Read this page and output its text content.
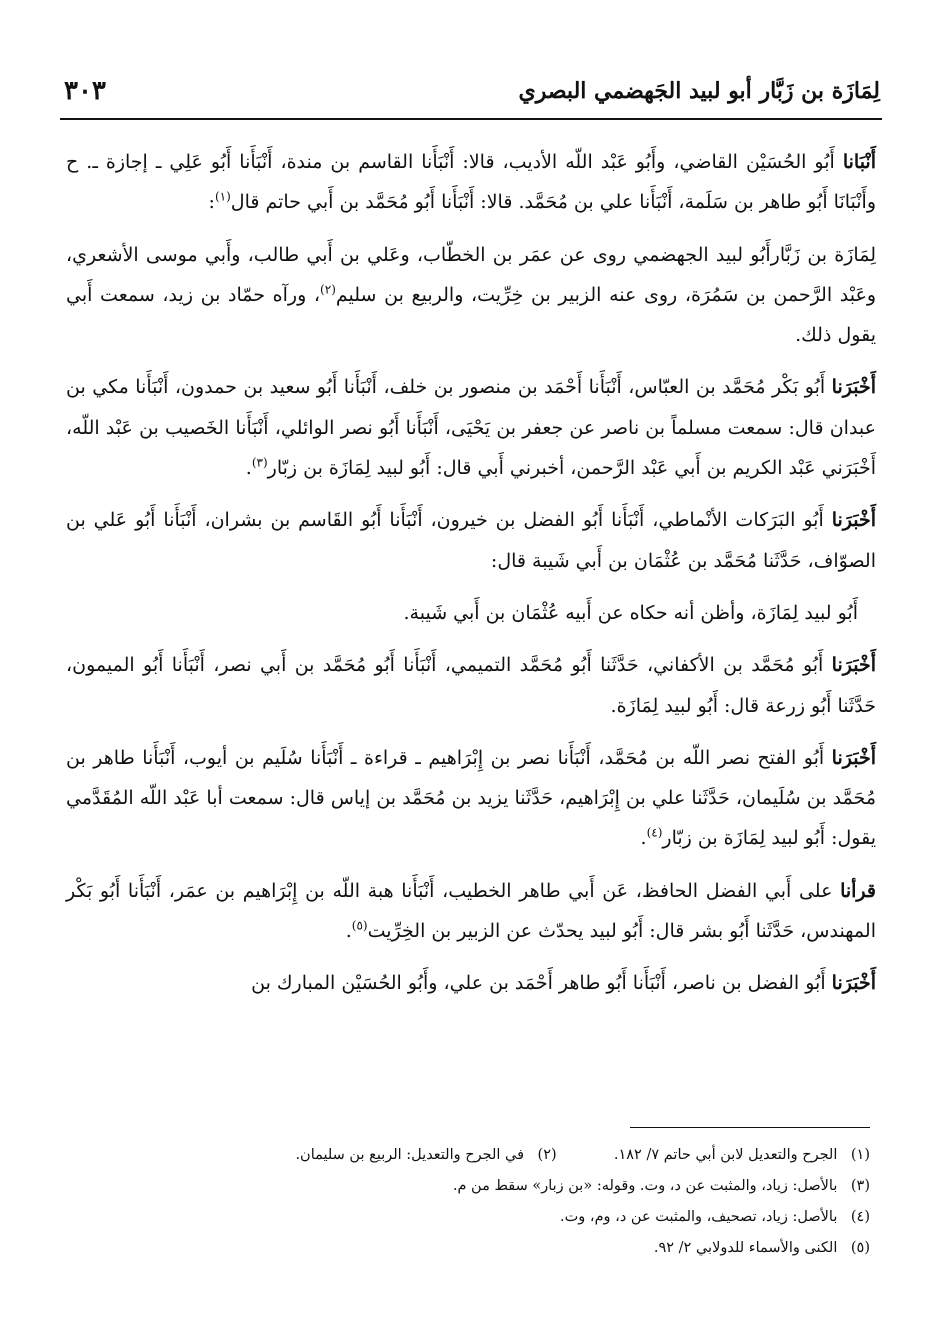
لِمَازَة بن زَبَّار أبو لبيد الجَهضمي البصري
٣٠٣

أَنْبَانا أَبُو الحُسَيْن القاضي، وأَبُو عَبْد اللّه الأديب، قالا: أَنْبَأَنا القاسم بن مندة، أَنْبَأَنا أَبُو عَلِي ـ إجازة ـ. ح وأَنْبَانَا أَبُو طاهر بن سَلَمة، أَنْبَأَنا علي بن مُحَمَّد. قالا: أَنْبَأَنا أَبُو مُحَمَّد بن أَبي حاتم قال$^{(١)}$:

لِمَازَة بن زَبَّارأَبُو لبيد الجهضمي روى عن عمَر بن الخطّاب، وعَلي بن أَبي طالب، وأَبي موسى الأشعري، وعَبْد الرَّحمن بن سَمُرَة، روى عنه الزبير بن خِرِّيت، والربيع بن سليم$^{(٢)}$، ورآه حمّاد بن زيد، سمعت أَبي يقول ذلك.

أَخْبَرَنا أَبُو بَكْر مُحَمَّد بن العبّاس، أَنْبَأَنا أَحْمَد بن منصور بن خلف، أَنْبَأَنا أَبُو سعيد بن حمدون، أَنْبَأَنا مكي بن عبدان قال: سمعت مسلماً بن ناصر عن جعفر بن يَحْيَى، أَنْبَأَنا أَبُو نصر الوائلي، أَنْبَأَنا الخَصيب بن عَبْد اللّه، أَخْبَرَني عَبْد الكريم بن أَبي عَبْد الرَّحمن، أخبرني أَبي قال: أَبُو لبيد لِمَازَة بن زبّار$^{(٣)}$.

أَخْبَرَنا أَبُو البَرَكات الأنْماطي، أَنْبَأَنا أَبُو الفضل بن خيرون، أَنْبَأَنا أَبُو القَاسم بن بشران، أَنْبَأَنا أَبُو عَلي بن الصوّاف، حَدَّثَنا مُحَمَّد بن عُثْمَان بن أَبي شَيبة قال:

أَبُو لبيد لِمَازَة، وأظن أنه حكاه عن أَبيه عُثْمَان بن أَبي شَيبة.

أَخْبَرَنا أَبُو مُحَمَّد بن الأكفاني، حَدَّثَنا أَبُو مُحَمَّد التميمي، أَنْبَأَنا أَبُو مُحَمَّد بن أَبي نصر، أَنْبَأَنا أَبُو الميمون، حَدَّثَنا أَبُو زرعة قال: أَبُو لبيد لِمَازَة.

أَخْبَرَنا أَبُو الفتح نصر اللّه بن مُحَمَّد، أَنْبَأَنا نصر بن إِبْرَاهيم ـ قراءة ـ أَنْبَأَنا سُلَيم بن أيوب، أَنْبَأَنا طاهر بن مُحَمَّد بن سُلَيمان، حَدَّثَنا علي بن إِبْرَاهيم، حَدَّثَنا يزيد بن مُحَمَّد بن إياس قال: سمعت أبا عَبْد اللّه المُقَدَّمي يقول: أَبُو لبيد لِمَازَة بن زبّار$^{(٤)}$.

قرأنا على أَبي الفضل الحافظ، عَن أَبي طاهر الخطيب، أَنْبَأَنا هبة اللّه بن إِبْرَاهيم بن عمَر، أَنْبَأَنا أَبُو بَكْر المهندس، حَدَّثَنا أَبُو بشر قال: أَبُو لبيد يحدّث عن الزبير بن الخِرِّيت$^{(٥)}$.

أَخْبَرَنا أَبُو الفضل بن ناصر، أَنْبَأَنا أَبُو طاهر أَحْمَد بن علي، وأَبُو الحُسَيْن المبارك بن

(١) الجرح والتعديل لابن أبي حاتم ٧/ ١٨٢.  (٢) في الجرح والتعديل: الربيع بن سليمان.
(٣) بالأصل: زياد، والمثبت عن د، وت. وقوله: «بن زبار» سقط من م.
(٤) بالأصل: زياد، تصحيف، والمثبت عن د، وم، وت.
(٥) الكنى والأسماء للدولابي ٢/ ٩٢.
